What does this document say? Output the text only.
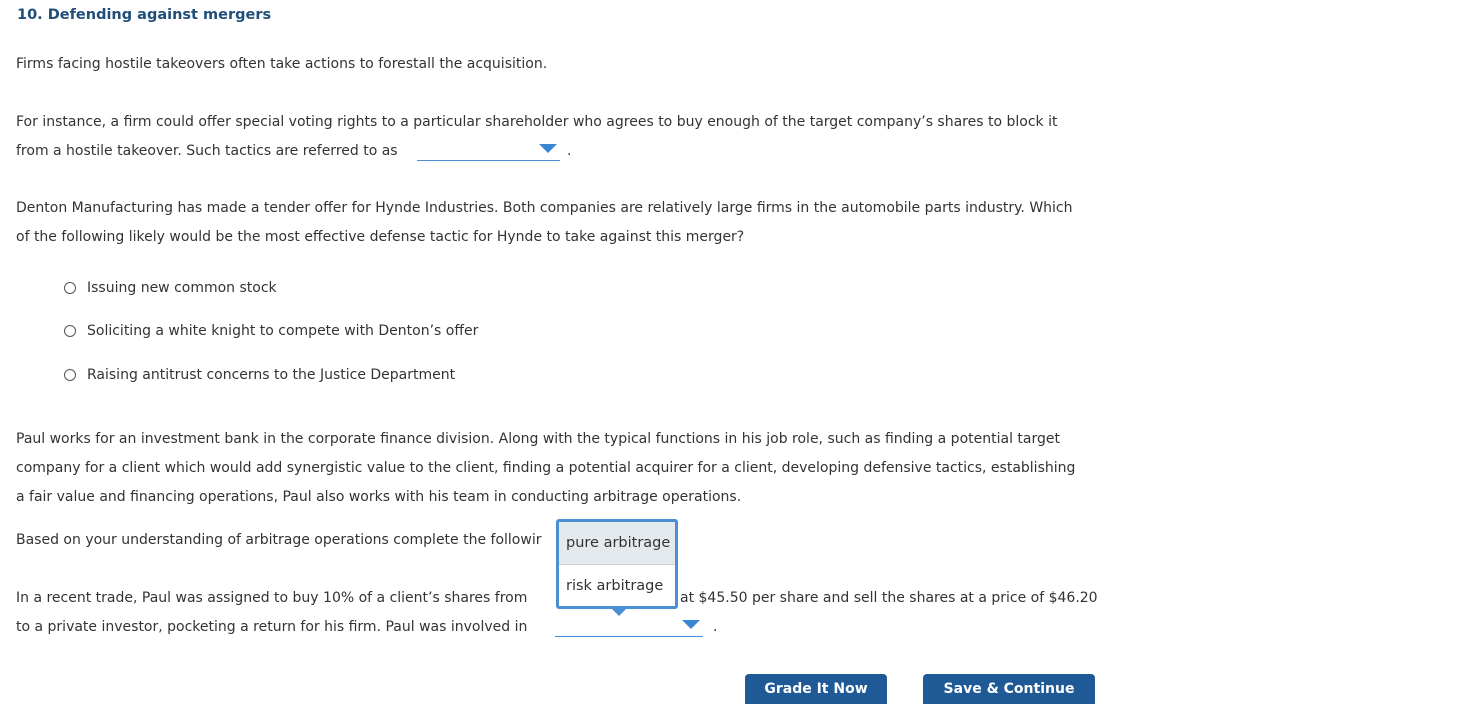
10. Defending against mergers
Firms facing hostile takeovers often take actions to forestall the acquisition.
For instance, a firm could offer special voting rights to a particular shareholder who agrees to buy enough of the target company’s shares to block it
from a hostile takeover. Such tactics are referred to as	.
Denton Manufacturing has made a tender offer for Hynde Industries. Both companies are relatively large firms in the automobile parts industry. Which
of the following likely would be the most effective defense tactic for Hynde to take against this merger?
Issuing new common stock
Soliciting a white knight to compete with Denton’s offer
Raising antitrust concerns to the Justice Department
Paul works for an investment bank in the corporate finance division. Along with the typical functions in his job role, such as finding a potential target
company for a client which would add synergistic value to the client, finding a potential acquirer for a client, developing defensive tactics, establishing
a fair value and financing operations, Paul also works with his team in conducting arbitrage operations.
Based on your understanding of arbitrage operations complete the followir
In a recent trade, Paul was assigned to buy 10% of a client’s shares from	at $45.50 per share and sell the shares at a price of $46.20
to a private investor, pocketing a return for his firm. Paul was involved in	.
pure arbitrage
risk arbitrage
Grade It Now	Save & Continue
